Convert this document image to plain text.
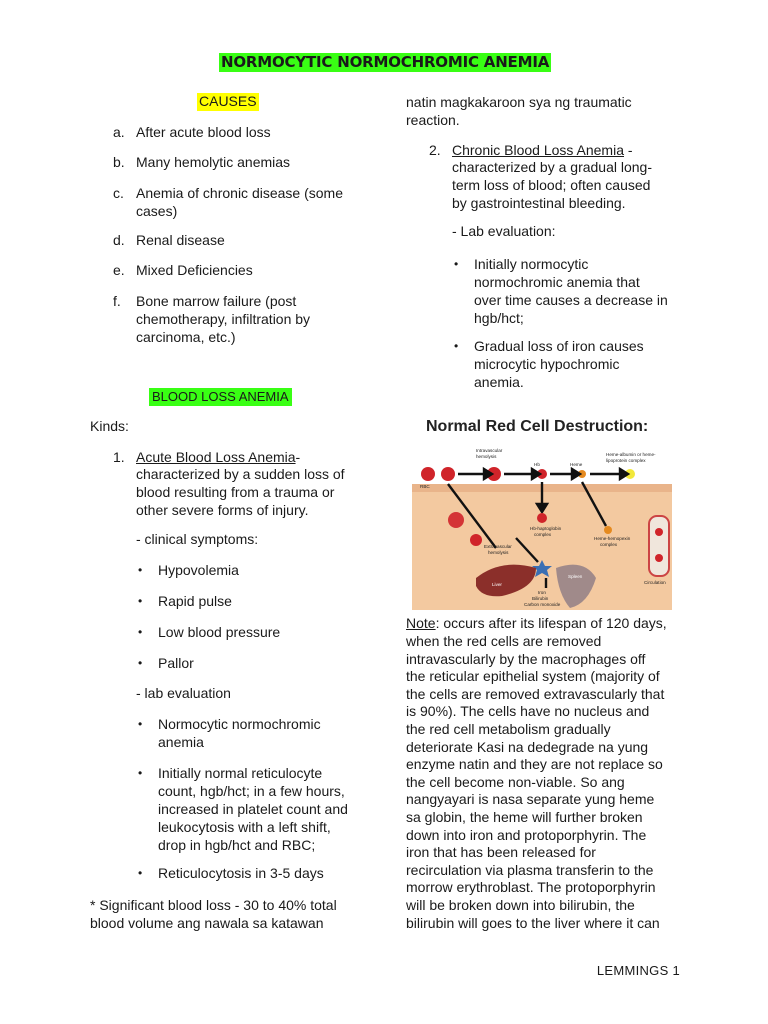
NORMOCYTIC NORMOCHROMIC ANEMIA
CAUSES
a. After acute blood loss
b. Many hemolytic anemias
c. Anemia of chronic disease (some
cases)
d. Renal disease
e. Mixed Deficiencies
f. Bone marrow failure (post
chemotherapy, infiltration by
carcinoma, etc.)
BLOOD LOSS ANEMIA
Kinds:
1. Acute Blood Loss Anemia-
characterized by a sudden loss of
blood resulting from a trauma or
other severe forms of injury.
- clinical symptoms:
• Hypovolemia
• Rapid pulse
• Low blood pressure
• Pallor
- lab evaluation
• Normocytic normochromic
anemia
• Initially normal reticulocyte
count, hgb/hct; in a few hours,
increased in platelet count and
leukocytosis with a left shift,
drop in hgb/hct and RBC;
• Reticulocytosis in 3-5 days
* Significant blood loss - 30 to 40% total
blood volume ang nawala sa katawan
natin magkakaroon sya ng traumatic
reaction.
2. Chronic Blood Loss Anemia -
characterized by a gradual long-
term loss of blood; often caused
by gastrointestinal bleeding.
- Lab evaluation:
• Initially normocytic
normochromic anemia that
over time causes a decrease in
hgb/hct;
• Gradual loss of iron causes
microcytic hypochromic
anemia.
Normal Red Cell Destruction:
Intravascular
hemolysis
Hb	Heme
Heme-albumin or heme-
lipoprotein complex
RBC
Hb-haptoglobin
complex
Heme-hemopexin
complex
Extravascular
hemolysis
Liver
Spleen
Circulation
Iron
Bilirubin
Carbon monoxide
Note: occurs after its lifespan of 120 days,
when the red cells are removed
intravascularly by the macrophages off
the reticular epithelial system (majority of
the cells are removed extravascularly that
is 90%). The cells have no nucleus and
the red cell metabolism gradually
deteriorate Kasi na dedegrade na yung
enzyme natin and they are not replace so
the cell become non-viable. So ang
nangyayari is nasa separate yung heme
sa globin, the heme will further broken
down into iron and protoporphyrin. The
iron that has been released for
recirculation via plasma transferin to the
morrow erythroblast. The protoporphyrin
will be broken down into bilirubin, the
bilirubin will goes to the liver where it can
LEMMINGS 1
